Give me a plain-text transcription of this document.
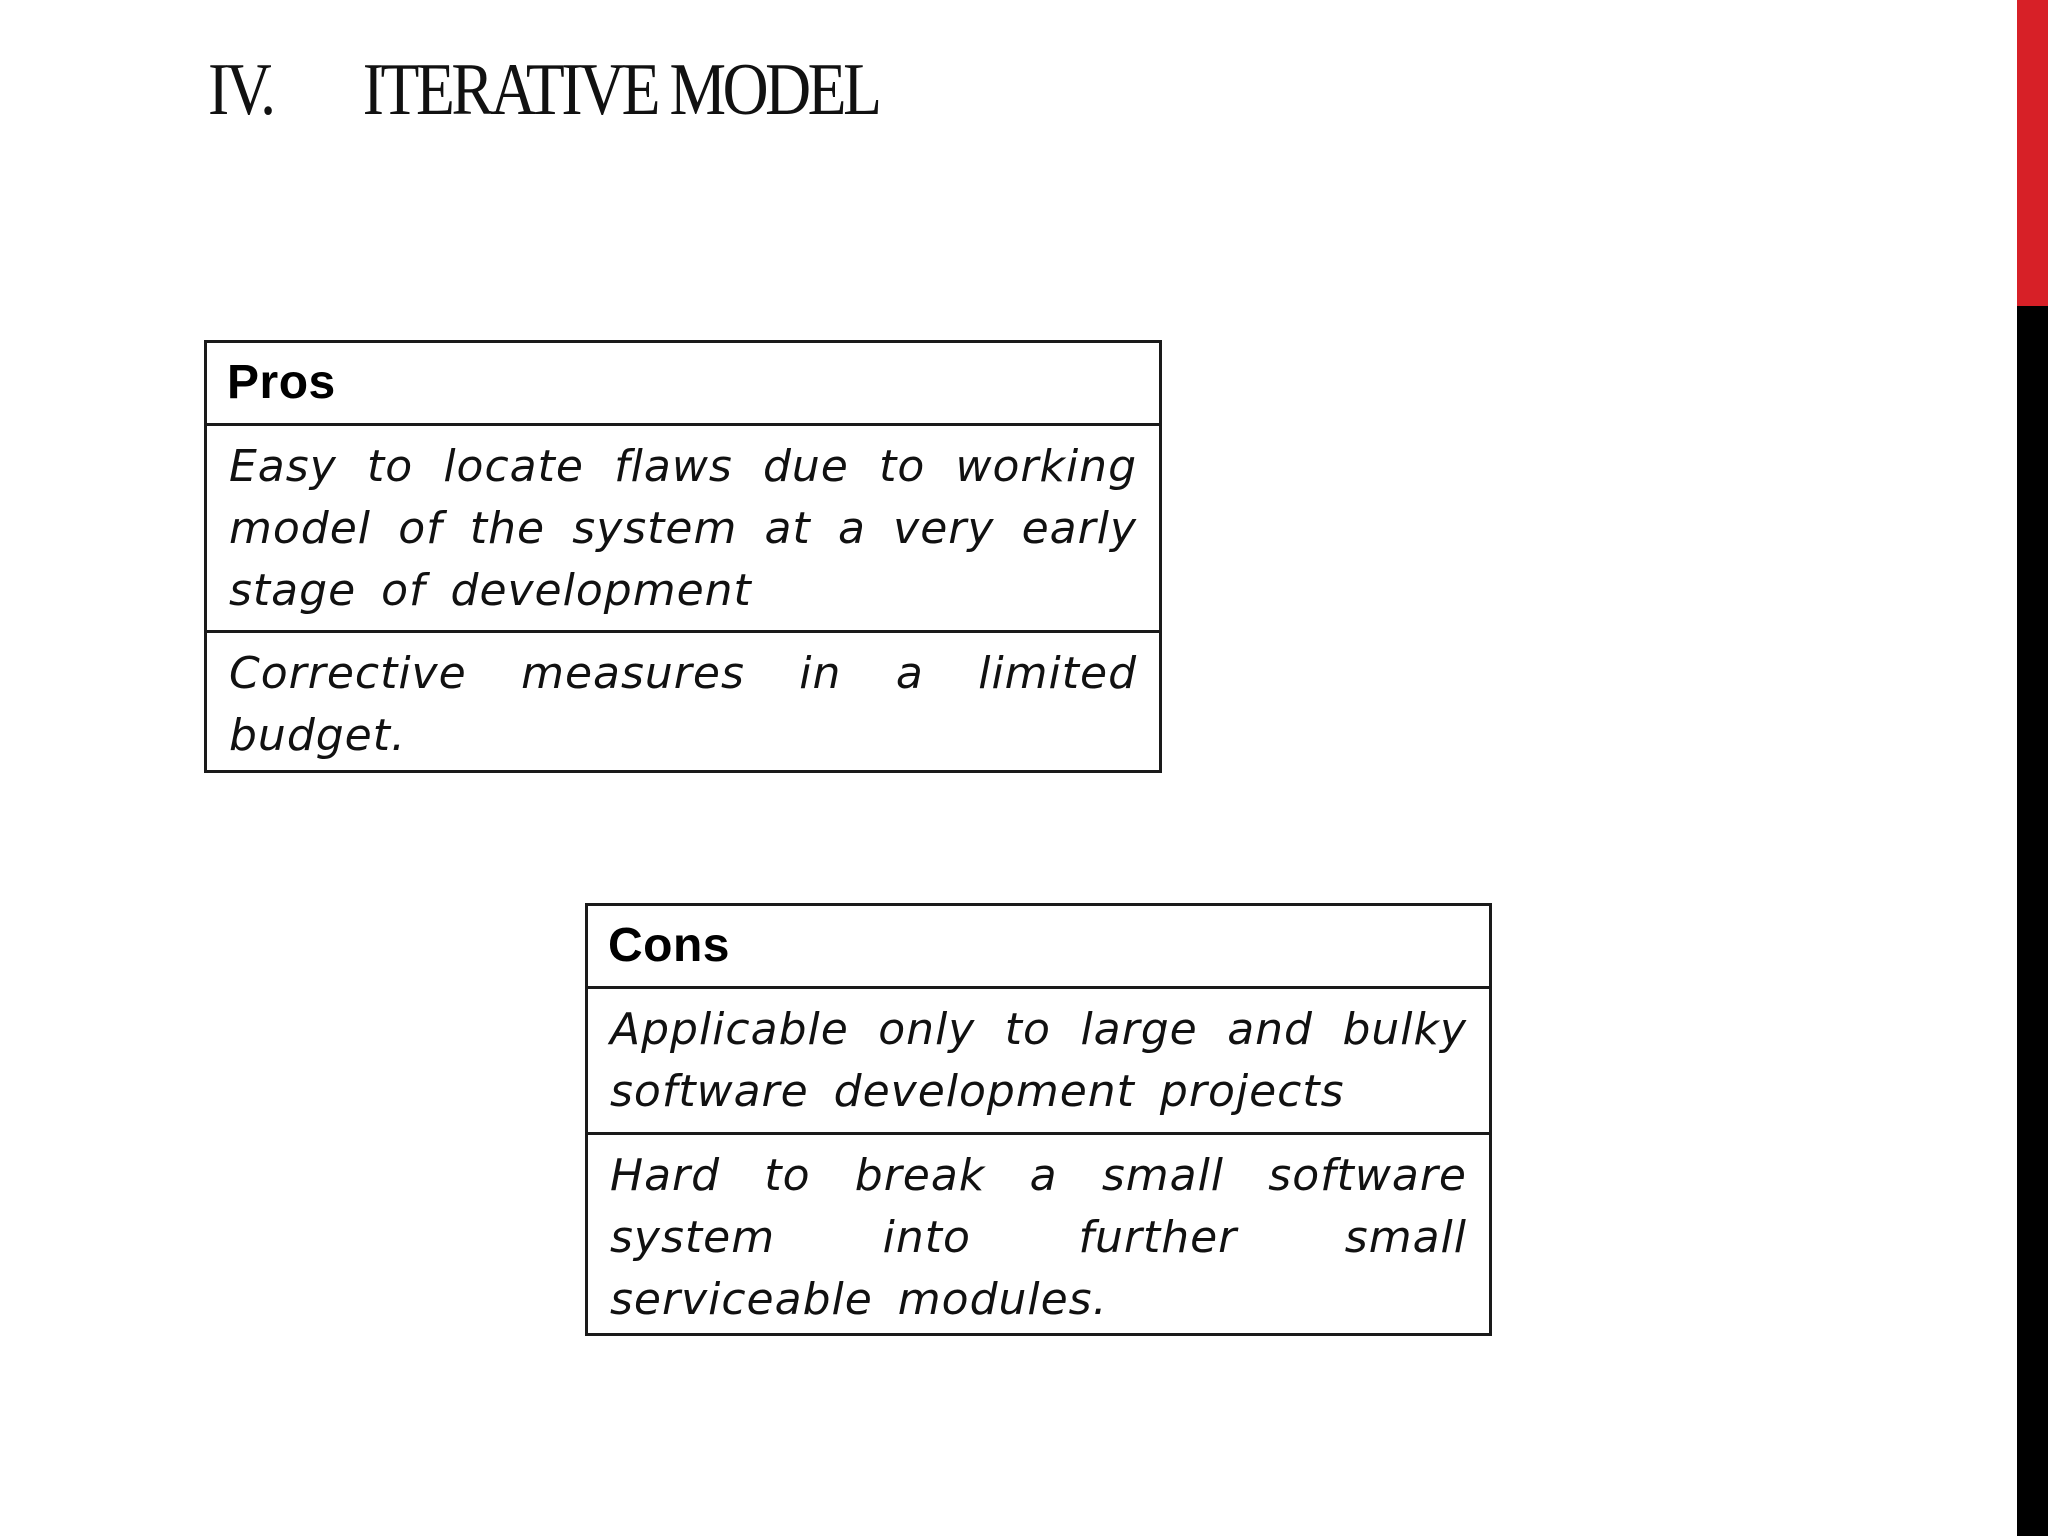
IV.	ITERATIVE MODEL
Pros
Easy to locate flaws due to working model of the system at a very early stage of development
Corrective measures in a limited budget.
Cons
Applicable only to large and bulky software development projects
Hard to break a small software system into further small serviceable modules.
